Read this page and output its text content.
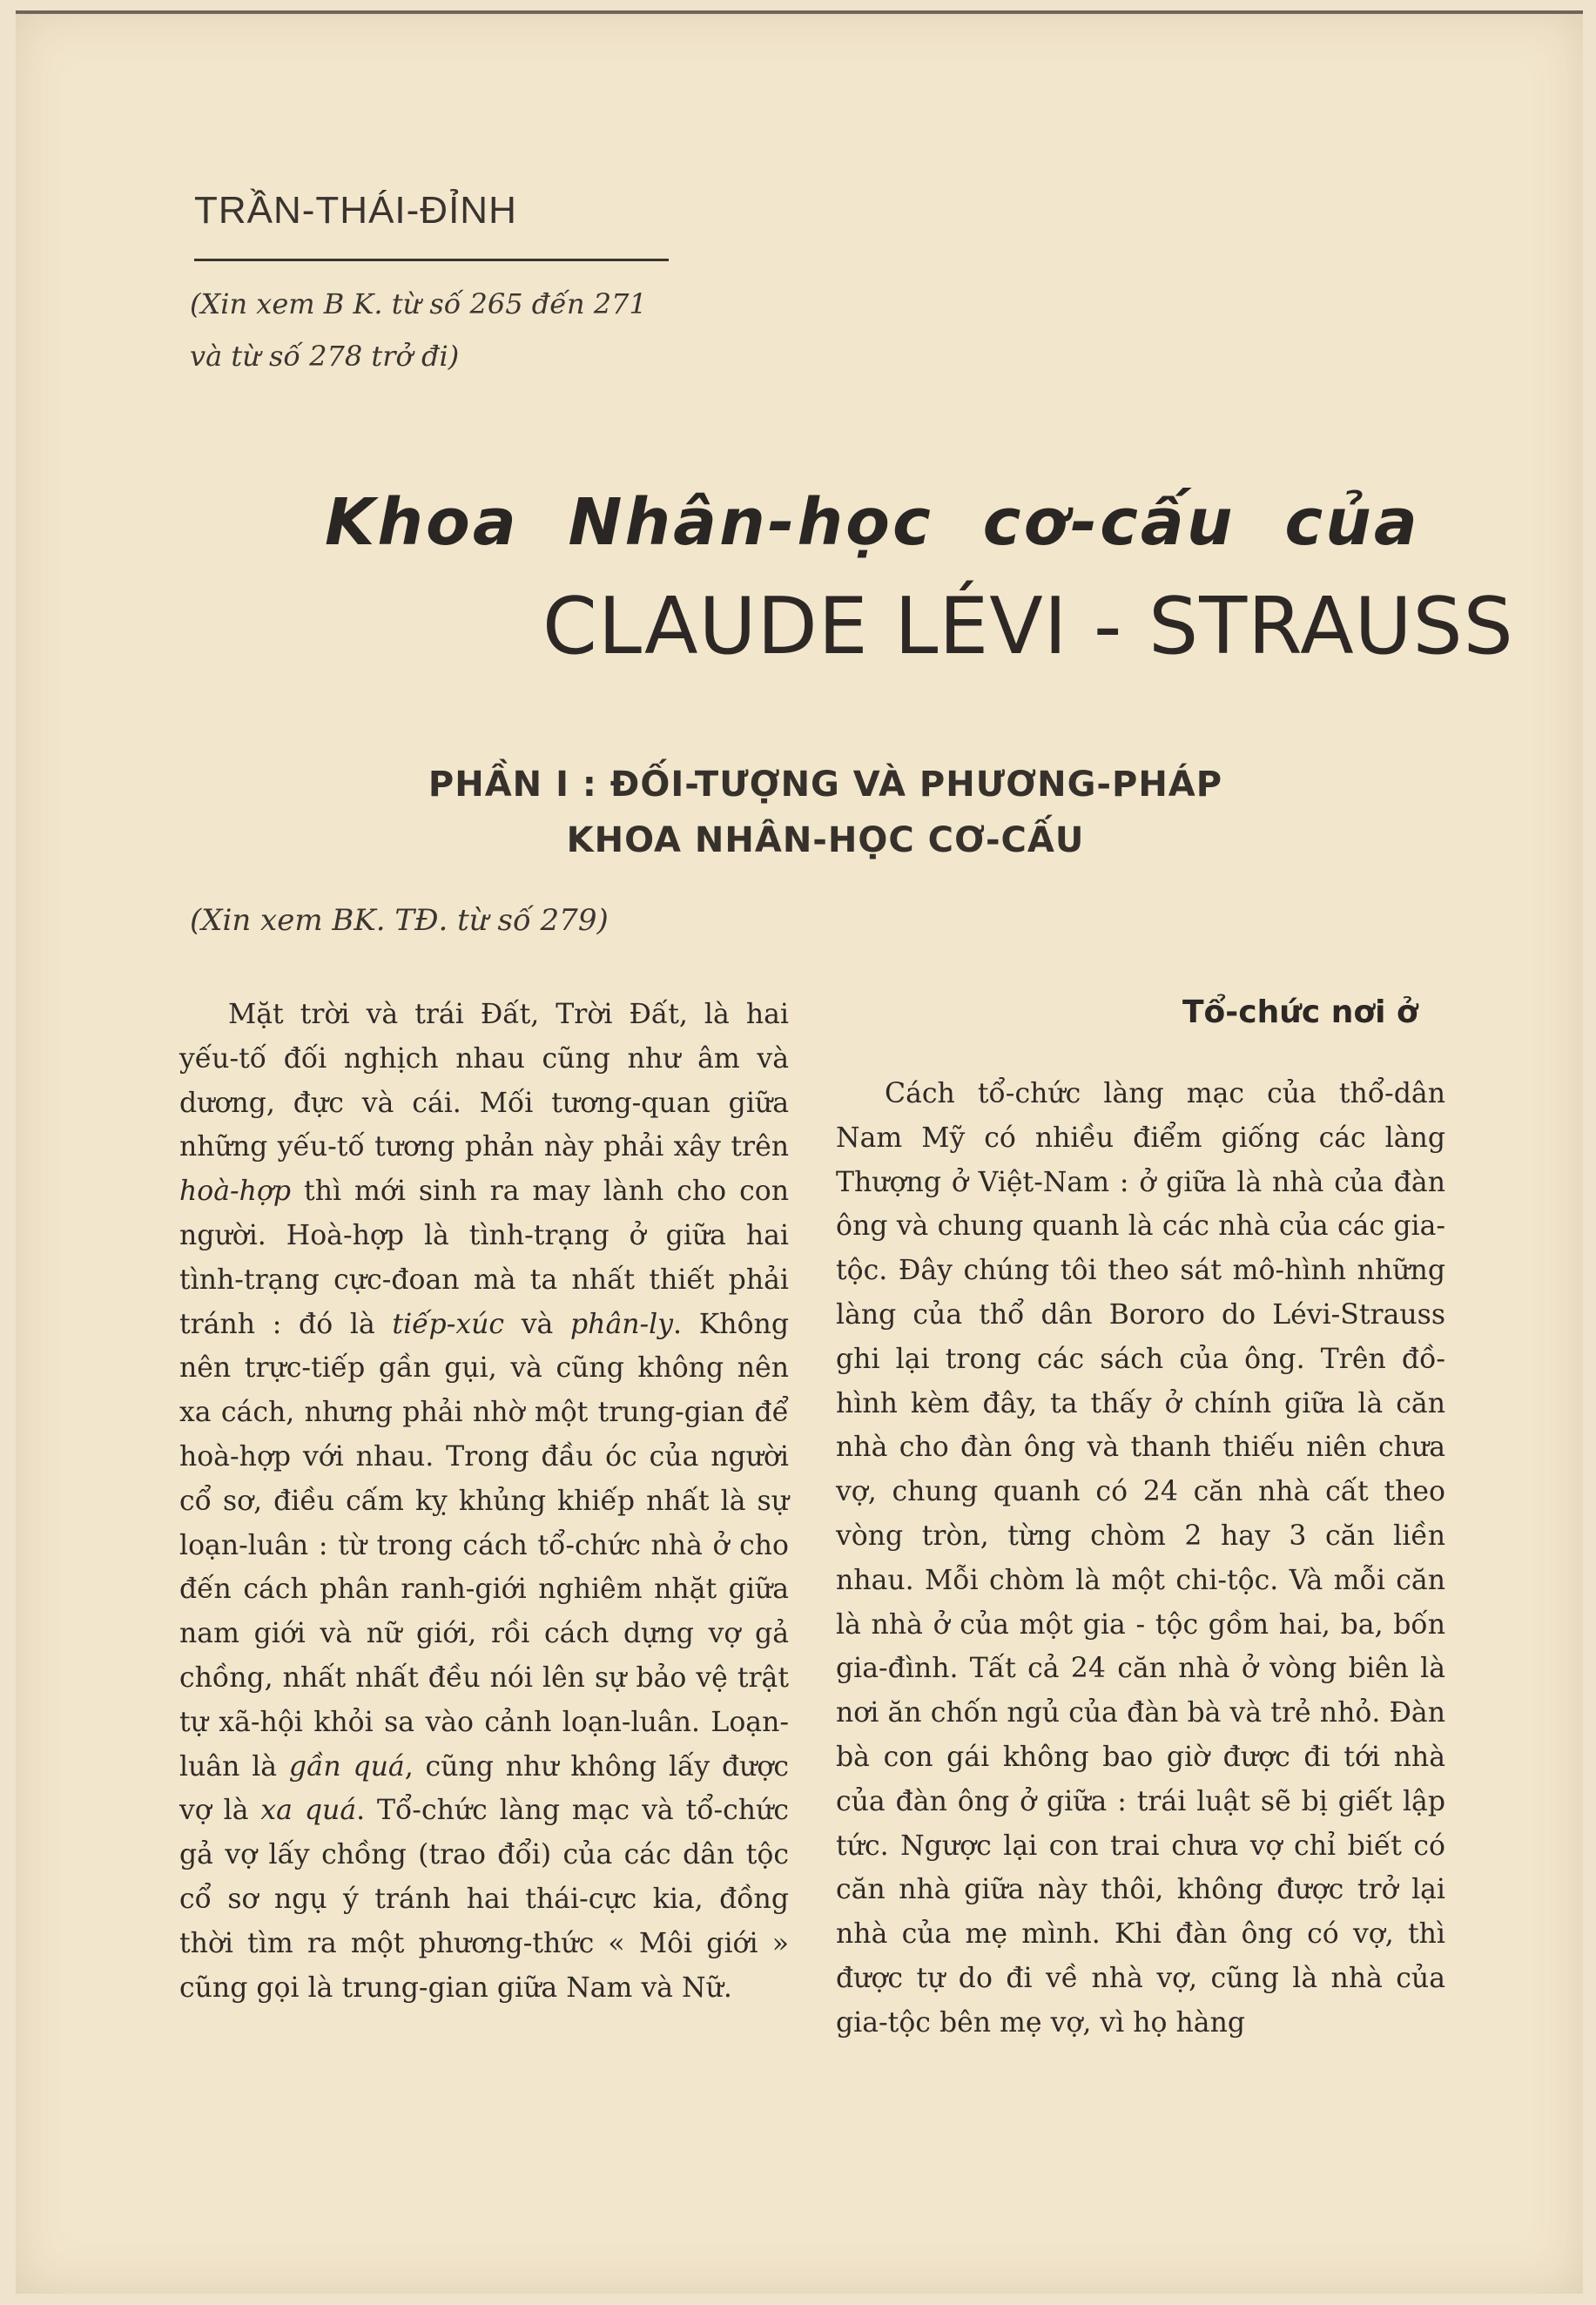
TRẦN-THÁI-ĐỈNH
(Xin xem B K. từ số 265 đến 271
và từ số 278 trở đi)
Khoa Nhân-học cơ-cấu của
CLAUDE LÉVI - STRAUSS
PHẦN I : ĐỐI-TƯỢNG VÀ PHƯƠNG-PHÁP
KHOA NHÂN-HỌC CƠ-CẤU
(Xin xem BK. TĐ. từ số 279)

Mặt trời và trái Đất, Trời Đất, là hai yếu-tố đối nghịch nhau cũng như âm và dương, đực và cái. Mối tương-quan giữa những yếu-tố tương phản này phải xây trên hoà-hợp thì mới sinh ra may lành cho con người. Hoà-hợp là tình-trạng ở giữa hai tình-trạng cực-đoan mà ta nhất thiết phải tránh : đó là tiếp-xúc và phân-ly. Không nên trực-tiếp gần gụi, và cũng không nên xa cách, nhưng phải nhờ một trung-gian để hoà-hợp với nhau. Trong đầu óc của người cổ sơ, điều cấm kỵ khủng khiếp nhất là sự loạn-luân : từ trong cách tổ-chức nhà ở cho đến cách phân ranh-giới nghiêm nhặt giữa nam giới và nữ giới, rồi cách dựng vợ gả chồng, nhất nhất đều nói lên sự bảo vệ trật tự xã-hội khỏi sa vào cảnh loạn-luân. Loạn-luân là gần quá, cũng như không lấy được vợ là xa quá. Tổ-chức làng mạc và tổ-chức gả vợ lấy chồng (trao đổi) của các dân tộc cổ sơ ngụ ý tránh hai thái-cực kia, đồng thời tìm ra một phương-thức « Môi giới » cũng gọi là trung-gian giữa Nam và Nữ.

Tổ-chức nơi ở

Cách tổ-chức làng mạc của thổ-dân Nam Mỹ có nhiều điểm giống các làng Thượng ở Việt-Nam : ở giữa là nhà của đàn ông và chung quanh là các nhà của các gia-tộc. Đây chúng tôi theo sát mô-hình những làng của thổ dân Bororo do Lévi-Strauss ghi lại trong các sách của ông. Trên đồ-hình kèm đây, ta thấy ở chính giữa là căn nhà cho đàn ông và thanh thiếu niên chưa vợ, chung quanh có 24 căn nhà cất theo vòng tròn, từng chòm 2 hay 3 căn liền nhau. Mỗi chòm là một chi-tộc. Và mỗi căn là nhà ở của một gia - tộc gồm hai, ba, bốn gia-đình. Tất cả 24 căn nhà ở vòng biên là nơi ăn chốn ngủ của đàn bà và trẻ nhỏ. Đàn bà con gái không bao giờ được đi tới nhà của đàn ông ở giữa : trái luật sẽ bị giết lập tức. Ngược lại con trai chưa vợ chỉ biết có căn nhà giữa này thôi, không được trở lại nhà của mẹ mình. Khi đàn ông có vợ, thì được tự do đi về nhà vợ, cũng là nhà của gia-tộc bên mẹ vợ, vì họ hàng
